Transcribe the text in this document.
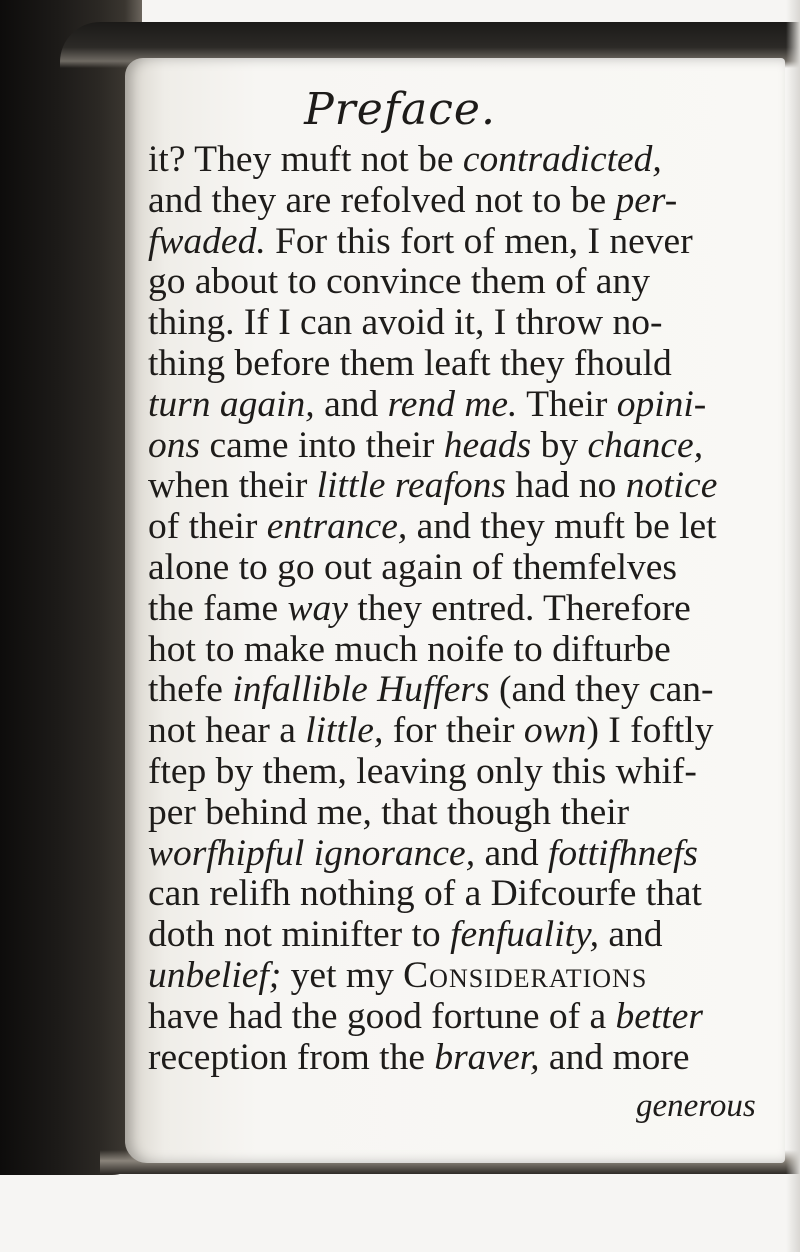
Preface.
it? They muft not be contradicted,
and they are refolved not to be per-
fwaded. For this fort of men, I never
go about to convince them of any
thing. If I can avoid it, I throw no-
thing before them leaft they fhould
turn again, and rend me. Their opini-
ons came into their heads by chance,
when their little reafons had no notice
of their entrance, and they muft be let
alone to go out again of themfelves
the fame way they entred. Therefore
hot to make much noife to difturbe
thefe infallible Huffers (and they can-
not hear a little, for their own) I foftly
ftep by them, leaving only this whif-
per behind me, that though their
worfhipful ignorance, and fottifhnefs
can relifh nothing of a Difcourfe that
doth not minifter to fenfuality, and
unbelief; yet my Considerations
have had the good fortune of a better
reception from the braver, and more
generous
